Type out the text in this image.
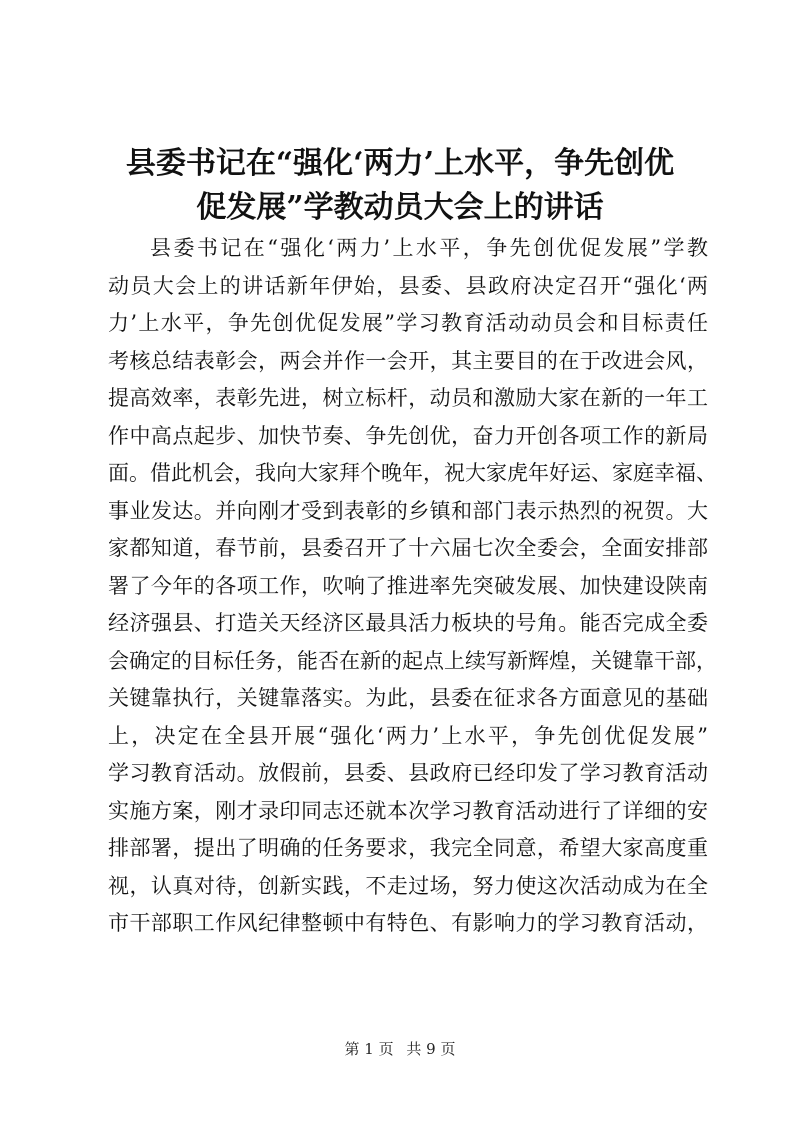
县委书记在“强化‘两力’上水平，争先创优
促发展”学教动员大会上的讲话
县委书记在“强化‘两力’上水平，争先创优促发展”学教
动员大会上的讲话新年伊始，县委、县政府决定召开“强化‘两
力’上水平，争先创优促发展”学习教育活动动员会和目标责任
考核总结表彰会，两会并作一会开，其主要目的在于改进会风，
提高效率，表彰先进，树立标杆，动员和激励大家在新的一年工
作中高点起步、加快节奏、争先创优，奋力开创各项工作的新局
面。借此机会，我向大家拜个晚年，祝大家虎年好运、家庭幸福、
事业发达。并向刚才受到表彰的乡镇和部门表示热烈的祝贺。大
家都知道，春节前，县委召开了十六届七次全委会，全面安排部
署了今年的各项工作，吹响了推进率先突破发展、加快建设陕南
经济强县、打造关天经济区最具活力板块的号角。能否完成全委
会确定的目标任务，能否在新的起点上续写新辉煌，关键靠干部，
关键靠执行，关键靠落实。为此，县委在征求各方面意见的基础
上，决定在全县开展“强化‘两力’上水平，争先创优促发展”
学习教育活动。放假前，县委、县政府已经印发了学习教育活动
实施方案，刚才录印同志还就本次学习教育活动进行了详细的安
排部署，提出了明确的任务要求，我完全同意，希望大家高度重
视，认真对待，创新实践，不走过场，努力使这次活动成为在全
市干部职工作风纪律整顿中有特色、有影响力的学习教育活动，
第 1 页 共 9 页
